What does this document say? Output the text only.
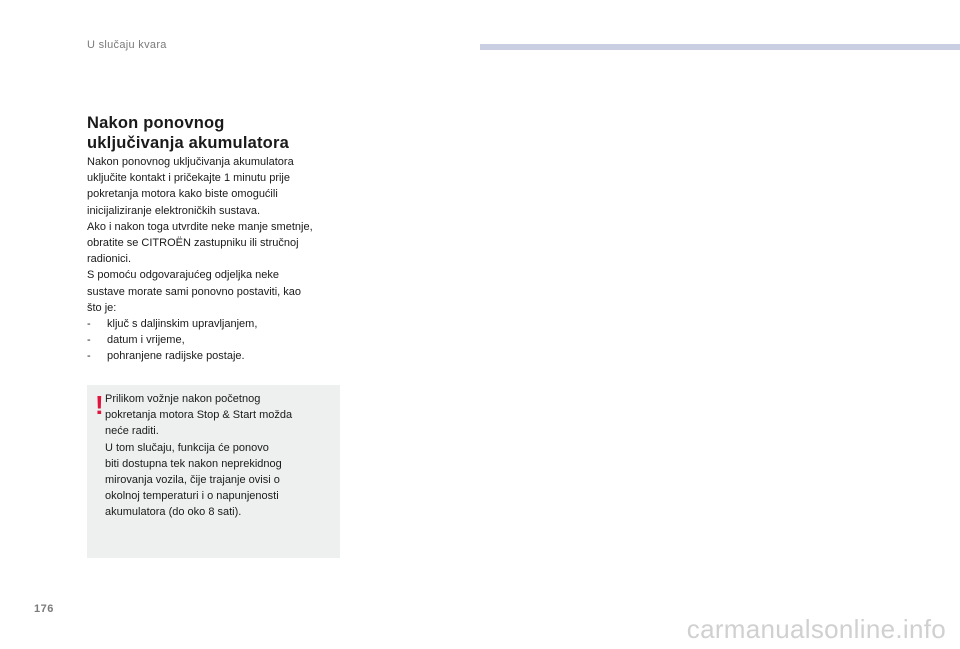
U slučaju kvara
Nakon ponovnog
uključivanja akumulatora
Nakon ponovnog uključivanja akumulatora
uključite kontakt i pričekajte 1 minutu prije
pokretanja motora kako biste omogućili
inicijaliziranje elektroničkih sustava.
Ako i nakon toga utvrdite neke manje smetnje,
obratite se CITROËN zastupniku ili stručnoj
radionici.
S pomoću odgovarajućeg odjeljka neke
sustave morate sami ponovno postaviti, kao
što je:
- ključ s daljinskim upravljanjem,
- datum i vrijeme,
- pohranjene radijske postaje.
! Prilikom vožnje nakon početnog
pokretanja motora Stop & Start možda
neće raditi.
U tom slučaju, funkcija će ponovo
biti dostupna tek nakon neprekidnog
mirovanja vozila, čije trajanje ovisi o
okolnoj temperaturi i o napunjenosti
akumulatora (do oko 8 sati).
176
carmanualsonline.info
